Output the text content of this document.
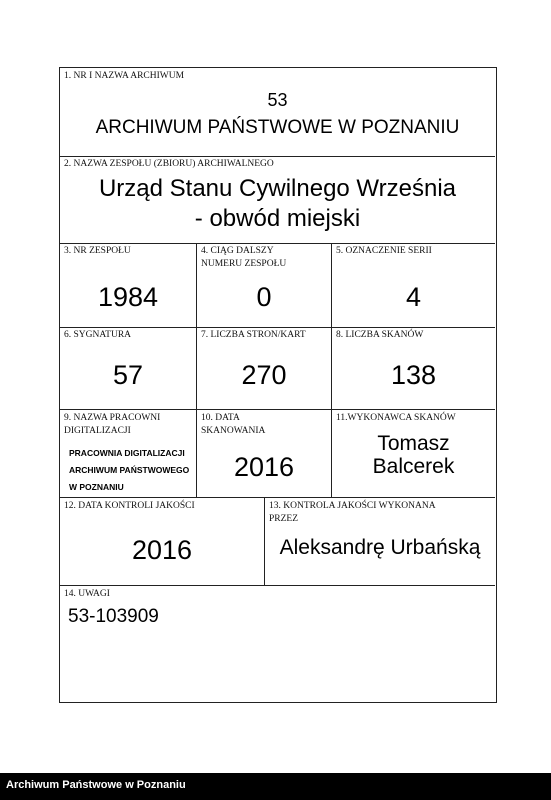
1. NR I NAZWA ARCHIWUM
53
ARCHIWUM PAŃSTWOWE W POZNANIU
2. NAZWA ZESPOŁU (ZBIORU) ARCHIWALNEGO
Urząd Stanu Cywilnego Września
- obwód miejski
3. NR ZESPOŁU
1984
4. CIĄG DALSZY
NUMERU ZESPOŁU
0
5. OZNACZENIE SERII
4
6. SYGNATURA
57
7. LICZBA STRON/KART
270
8. LICZBA SKANÓW
138
9. NAZWA PRACOWNI
DIGITALIZACJI
PRACOWNIA DIGITALIZACJI
ARCHIWUM PAŃSTWOWEGO
W POZNANIU
10. DATA
SKANOWANIA
2016
11.WYKONAWCA SKANÓW
Tomasz
Balcerek
12. DATA KONTROLI JAKOŚCI
2016
13. KONTROLA JAKOŚCI WYKONANA
PRZEZ
Aleksandrę Urbańską
14. UWAGI
53-103909
Archiwum Państwowe w Poznaniu
